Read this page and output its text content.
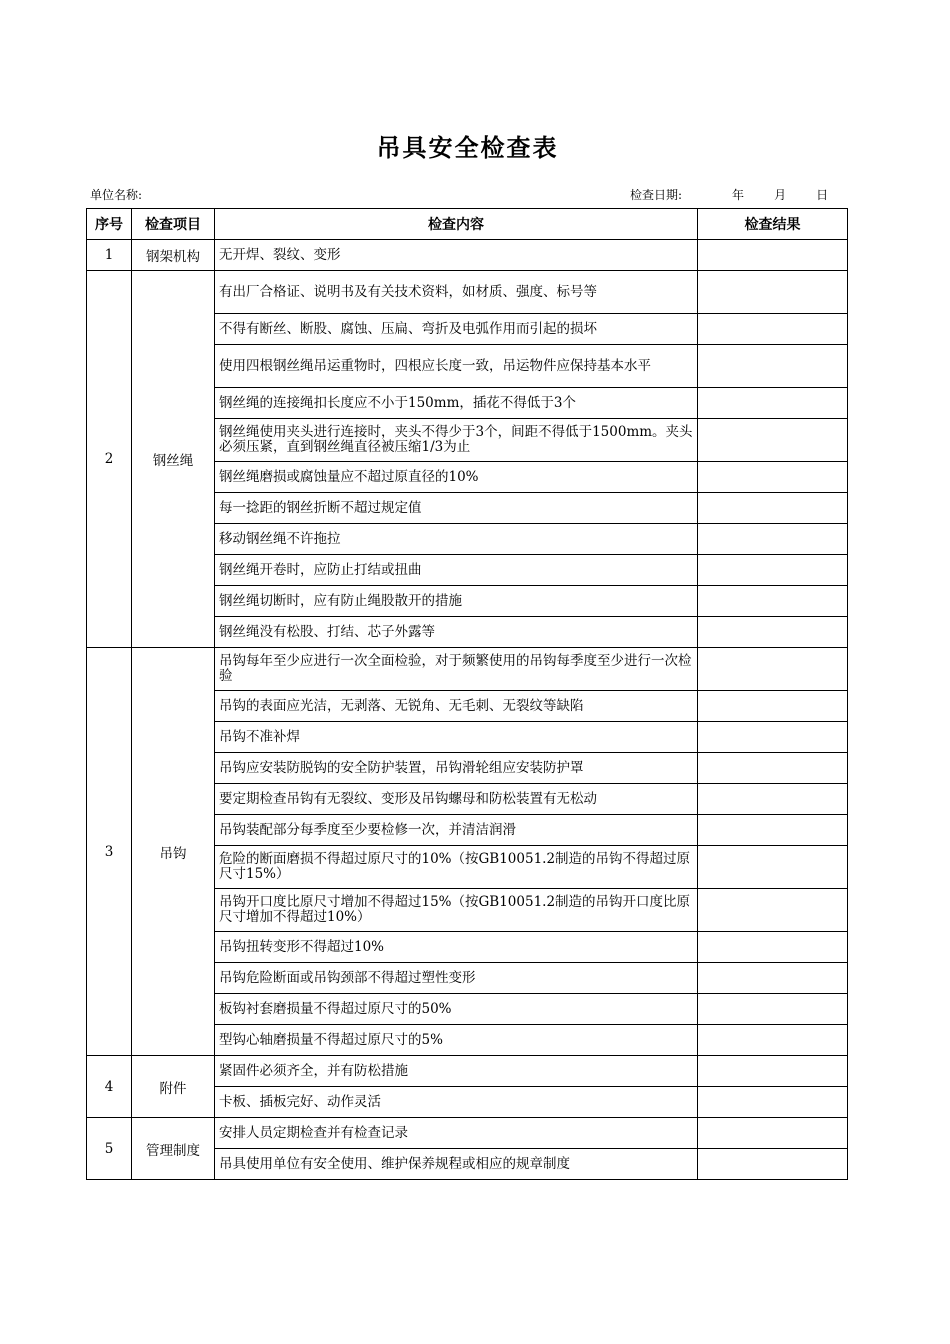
吊具安全检查表
单位名称:	检查日期:	年	月	日
序号	检查项目	检查内容	检查结果
1	钢架机构	无开焊、裂纹、变形	
2	钢丝绳	有出厂合格证、说明书及有关技术资料，如材质、强度、标号等	
		不得有断丝、断股、腐蚀、压扁、弯折及电弧作用而引起的损坏	
		使用四根钢丝绳吊运重物时，四根应长度一致，吊运物件应保持基本水平	
		钢丝绳的连接绳扣长度应不小于150mm，插花不得低于3个	
		钢丝绳使用夹头进行连接时，夹头不得少于3个，间距不得低于1500mm。夹头必须压紧，直到钢丝绳直径被压缩1/3为止	
		钢丝绳磨损或腐蚀量应不超过原直径的10%	
		每一捻距的钢丝折断不超过规定值	
		移动钢丝绳不许拖拉	
		钢丝绳开卷时，应防止打结或扭曲	
		钢丝绳切断时，应有防止绳股散开的措施	
		钢丝绳没有松股、打结、芯子外露等	
3	吊钩	吊钩每年至少应进行一次全面检验，对于频繁使用的吊钩每季度至少进行一次检验	
		吊钩的表面应光洁，无剥落、无锐角、无毛刺、无裂纹等缺陷	
		吊钩不准补焊	
		吊钩应安装防脱钩的安全防护装置，吊钩滑轮组应安装防护罩	
		要定期检查吊钩有无裂纹、变形及吊钩螺母和防松装置有无松动	
		吊钩装配部分每季度至少要检修一次，并清洁润滑	
		危险的断面磨损不得超过原尺寸的10%（按GB10051.2制造的吊钩不得超过原尺寸15%）	
		吊钩开口度比原尺寸增加不得超过15%（按GB10051.2制造的吊钩开口度比原尺寸增加不得超过10%）	
		吊钩扭转变形不得超过10%	
		吊钩危险断面或吊钩颈部不得超过塑性变形	
		板钩衬套磨损量不得超过原尺寸的50%	
		型钩心轴磨损量不得超过原尺寸的5%	
4	附件	紧固件必须齐全，并有防松措施	
		卡板、插板完好、动作灵活	
5	管理制度	安排人员定期检查并有检查记录	
		吊具使用单位有安全使用、维护保养规程或相应的规章制度	
